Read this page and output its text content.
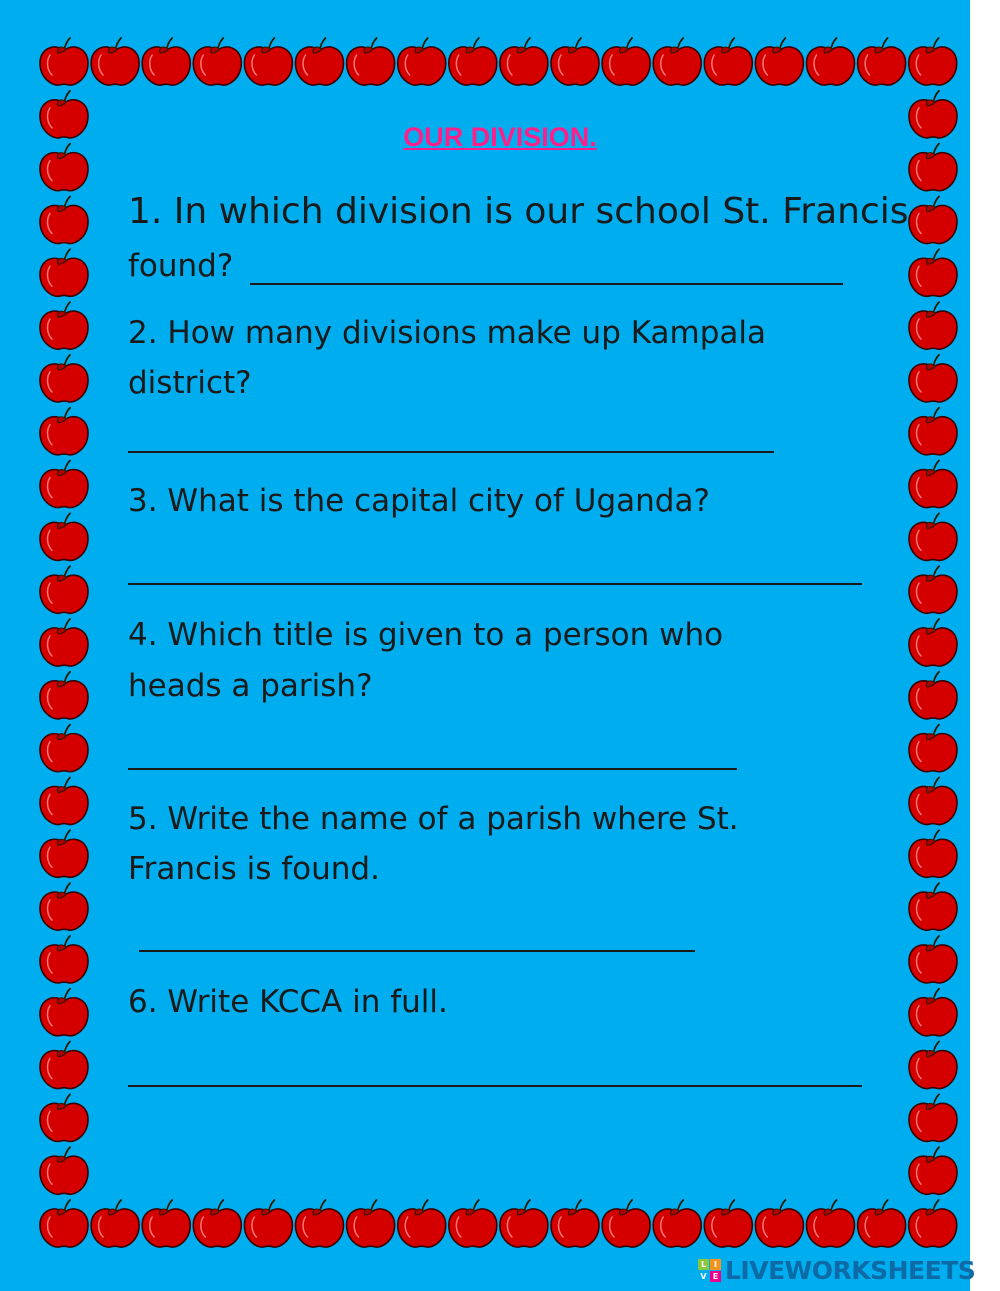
OUR DIVISION.

1. In which division is our school St. Francis

found?

2. How many divisions make up Kampala

district?

3. What is the capital city of Uganda?

4. Which title is given to a person who

heads a parish?

5. Write the name of a parish where St.

Francis is found.

6. Write KCCA in full.

L I
V E LIVEWORKSHEETS
